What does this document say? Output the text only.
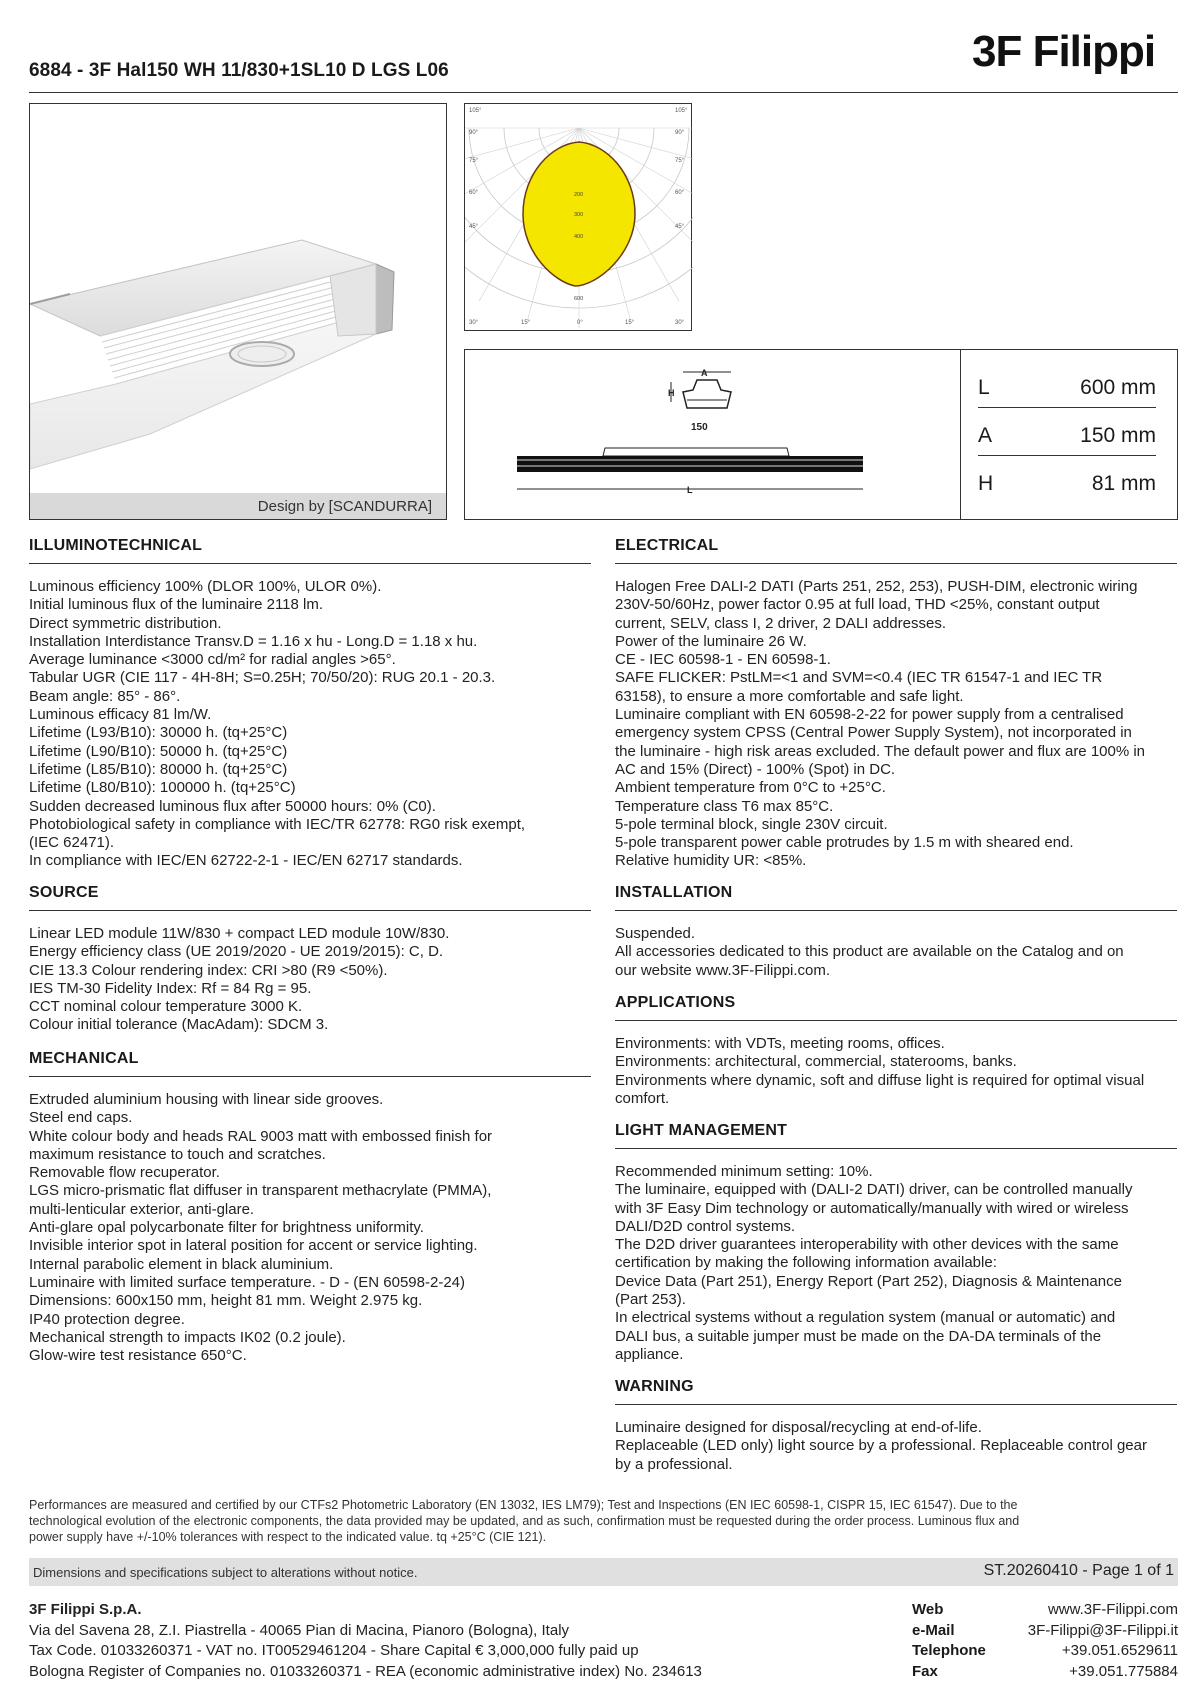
6884 - 3F Hal150 WH 11/830+1SL10 D LGS L06	3F Filippi
Design by [SCANDURRA]
105°
90°
75°
60°
45°
105°
90°
75°
60°
45°
30°	15°	0°	15°	30°
200
300
400
600
A
H
150
L
L	600 mm
A	150 mm
H	81 mm
ILLUMINOTECHNICAL
Luminous efficiency 100% (DLOR 100%, ULOR 0%).
Initial luminous flux of the luminaire 2118 lm.
Direct symmetric distribution.
Installation Interdistance Transv.D = 1.16 x hu - Long.D = 1.18 x hu.
Average luminance <3000 cd/m² for radial angles >65°.
Tabular UGR (CIE 117 - 4H-8H; S=0.25H; 70/50/20): RUG 20.1 - 20.3.
Beam angle: 85° - 86°.
Luminous efficacy 81 lm/W.
Lifetime (L93/B10): 30000 h. (tq+25°C)
Lifetime (L90/B10): 50000 h. (tq+25°C)
Lifetime (L85/B10): 80000 h. (tq+25°C)
Lifetime (L80/B10): 100000 h. (tq+25°C)
Sudden decreased luminous flux after 50000 hours: 0% (C0).
Photobiological safety in compliance with IEC/TR 62778: RG0 risk exempt,
(IEC 62471).
In compliance with IEC/EN 62722-2-1 - IEC/EN 62717 standards.
SOURCE
Linear LED module 11W/830 + compact LED module 10W/830.
Energy efficiency class (UE 2019/2020 - UE 2019/2015): C, D.
CIE 13.3 Colour rendering index: CRI >80 (R9 <50%).
IES TM-30 Fidelity Index: Rf = 84 Rg = 95.
CCT nominal colour temperature 3000 K.
Colour initial tolerance (MacAdam): SDCM 3.
MECHANICAL
Extruded aluminium housing with linear side grooves.
Steel end caps.
White colour body and heads RAL 9003 matt with embossed finish for
maximum resistance to touch and scratches.
Removable flow recuperator.
LGS micro-prismatic flat diffuser in transparent methacrylate (PMMA),
multi-lenticular exterior, anti-glare.
Anti-glare opal polycarbonate filter for brightness uniformity.
Invisible interior spot in lateral position for accent or service lighting.
Internal parabolic element in black aluminium.
Luminaire with limited surface temperature. - D - (EN 60598-2-24)
Dimensions: 600x150 mm, height 81 mm. Weight 2.975 kg.
IP40 protection degree.
Mechanical strength to impacts IK02 (0.2 joule).
Glow-wire test resistance 650°C.
ELECTRICAL
Halogen Free DALI-2 DATI (Parts 251, 252, 253), PUSH-DIM, electronic wiring
230V-50/60Hz, power factor 0.95 at full load, THD <25%, constant output
current, SELV, class I, 2 driver, 2 DALI addresses.
Power of the luminaire 26 W.
CE - IEC 60598-1 - EN 60598-1.
SAFE FLICKER: PstLM=<1 and SVM=<0.4 (IEC TR 61547-1 and IEC TR
63158), to ensure a more comfortable and safe light.
Luminaire compliant with EN 60598-2-22 for power supply from a centralised
emergency system CPSS (Central Power Supply System), not incorporated in
the luminaire - high risk areas excluded. The default power and flux are 100% in
AC and 15% (Direct) - 100% (Spot) in DC.
Ambient temperature from 0°C to +25°C.
Temperature class T6 max 85°C.
5-pole terminal block, single 230V circuit.
5-pole transparent power cable protrudes by 1.5 m with sheared end.
Relative humidity UR: <85%.
INSTALLATION
Suspended.
All accessories dedicated to this product are available on the Catalog and on
our website www.3F-Filippi.com.
APPLICATIONS
Environments: with VDTs, meeting rooms, offices.
Environments: architectural, commercial, staterooms, banks.
Environments where dynamic, soft and diffuse light is required for optimal visual
comfort.
LIGHT MANAGEMENT
Recommended minimum setting: 10%.
The luminaire, equipped with (DALI-2 DATI) driver, can be controlled manually
with 3F Easy Dim technology or automatically/manually with wired or wireless
DALI/D2D control systems.
The D2D driver guarantees interoperability with other devices with the same
certification by making the following information available:
Device Data (Part 251), Energy Report (Part 252), Diagnosis & Maintenance
(Part 253).
In electrical systems without a regulation system (manual or automatic) and
DALI bus, a suitable jumper must be made on the DA-DA terminals of the
appliance.
WARNING
Luminaire designed for disposal/recycling at end-of-life.
Replaceable (LED only) light source by a professional. Replaceable control gear
by a professional.
Performances are measured and certified by our CTFs2 Photometric Laboratory (EN 13032, IES LM79); Test and Inspections (EN IEC 60598-1, CISPR 15, IEC 61547). Due to the
technological evolution of the electronic components, the data provided may be updated, and as such, confirmation must be requested during the order process. Luminous flux and
power supply have +/-10% tolerances with respect to the indicated value. tq +25°C (CIE 121).
Dimensions and specifications subject to alterations without notice.	ST.20260410 - Page 1 of 1
3F Filippi S.p.A.
Via del Savena 28, Z.I. Piastrella - 40065 Pian di Macina, Pianoro (Bologna), Italy
Tax Code. 01033260371 - VAT no. IT00529461204 - Share Capital € 3,000,000 fully paid up
Bologna Register of Companies no. 01033260371 - REA (economic administrative index) No. 234613
Web	www.3F-Filippi.com
e-Mail	3F-Filippi@3F-Filippi.it
Telephone	+39.051.6529611
Fax	+39.051.775884
